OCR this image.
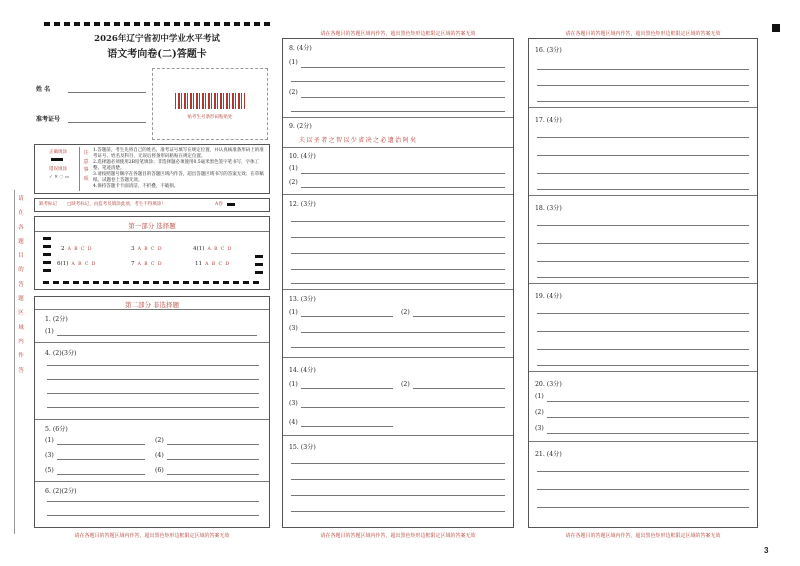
2026年辽宁省初中学业水平考试
语文考向卷(二)答题卡
姓 名
准考证号	贴考生号条形码粘贴处
正确填涂
错误填涂
✓ ✕ ◌ ▭
注意事项
1.答题前，考生先将自己的姓名、准考证号填写在规定位置，并认真核准条形码上的准考证号、姓名及科目，无误后将条形码粘贴在规定位置。
2.选择题必须使用2B铅笔填涂；非选择题必须使用0.5毫米黑色签字笔书写，字体工整、笔迹清楚。
3.请按照题号顺序在各题目的答题区域内作答，超出答题区域书写的答案无效；在草稿纸、试题卷上答题无效。
4.保持答题卡卡面清洁，不折叠，不破损。
缺考标记 □缺考标记，由监考员填涂此项，考生不得填涂！	A卷
请在各题目的答题区域内作答
第一部分 选择题
2 A B C D	3 A B C D	4(1) A B C D
6(1) A B C D	7 A B C D	11 A B C D
第二部分 非选择题
1. (2分)
(1)
4. (2)(3分)
5. (6分)
(1)	(2)
(3)	(4)
(5)	(6)
6. (2)(2分)
请在各题目的答题区域内作答，超出黑色矩形边框限定区域的答案无效
请在各题目的答题区域内作答，超出黑色矩形边框限定区域的答案无效
8. (4分)
(1)
(2)
9. (2分)
夫以圣者之智以少省决之必遗治阿矣
10. (4分)
(1)
(2)
12. (3分)
13. (3分)
(1)	(2)
(3)
14. (4分)
(1)	(2)
(3)
(4)
15. (3分)
请在各题目的答题区域内作答，超出黑色矩形边框限定区域的答案无效
请在各题目的答题区域内作答，超出黑色矩形边框限定区域的答案无效
16. (3分)
17. (4分)
18. (3分)
19. (4分)
20. (3分)
(1)
(2)
(3)
21. (4分)
请在各题目的答题区域内作答，超出黑色矩形边框限定区域的答案无效
3
